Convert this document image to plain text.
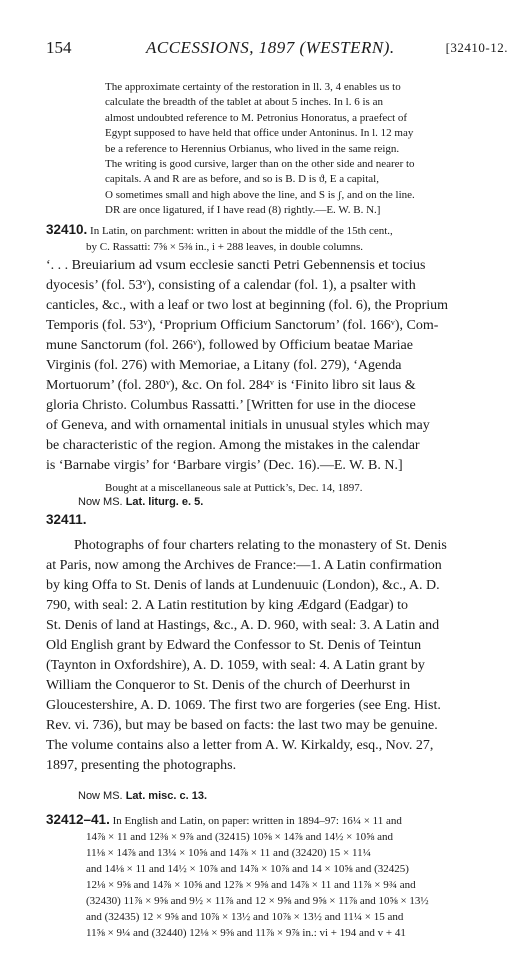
154	ACCESSIONS, 1897 (WESTERN).	[32410-12.
The approximate certainty of the restoration in ll. 3, 4 enables us to
calculate the breadth of the tablet at about 5 inches. In l. 6 is an
almost undoubted reference to M. Petronius Honoratus, a praefect of
Egypt supposed to have held that office under Antoninus. In l. 12 may
be a reference to Herennius Orbianus, who lived in the same reign.
The writing is good cursive, larger than on the other side and nearer to
capitals. A and R are as before, and so is B. D is ϑ, E a capital,
O sometimes small and high above the line, and S is ʃ, and on the line.
DR are once ligatured, if I have read (8) rightly.—E. W. B. N.]
32410. In Latin, on parchment: written in about the middle of the 15th cent.,
by C. Rassatti: 7⅝ × 5⅜ in., i + 288 leaves, in double columns.
‘. . . Breuiarium ad vsum ecclesie sancti Petri Gebennensis et tocius
dyocesis’ (fol. 53ᵛ), consisting of a calendar (fol. 1), a psalter with
canticles, &c., with a leaf or two lost at beginning (fol. 6), the Proprium
Temporis (fol. 53ᵛ), ‘Proprium Officium Sanctorum’ (fol. 166ᵛ), Com-
mune Sanctorum (fol. 266ᵛ), followed by Officium beatae Mariae
Virginis (fol. 276) with Memoriae, a Litany (fol. 279), ‘Agenda
Mortuorum’ (fol. 280ᵛ), &c. On fol. 284ᵛ is ‘Finito libro sit laus &
gloria Christo. Columbus Rassatti.’ [Written for use in the diocese
of Geneva, and with ornamental initials in unusual styles which may
be characteristic of the region. Among the mistakes in the calendar
is ‘Barnabe virgis’ for ‘Barbare virgis’ (Dec. 16).—E. W. B. N.]
Bought at a miscellaneous sale at Puttick’s, Dec. 14, 1897.
Now MS. Lat. liturg. e. 5.
32411.
Photographs of four charters relating to the monastery of St. Denis
at Paris, now among the Archives de France:—1. A Latin confirmation
by king Offa to St. Denis of lands at Lundenuuic (London), &c., A. D.
790, with seal: 2. A Latin restitution by king Ædgard (Eadgar) to
St. Denis of land at Hastings, &c., A. D. 960, with seal: 3. A Latin and
Old English grant by Edward the Confessor to St. Denis of Teintun
(Taynton in Oxfordshire), A. D. 1059, with seal: 4. A Latin grant by
William the Conqueror to St. Denis of the church of Deerhurst in
Gloucestershire, A. D. 1069. The first two are forgeries (see Eng. Hist.
Rev. vi. 736), but may be based on facts: the last two may be genuine.
The volume contains also a letter from A. W. Kirkaldy, esq., Nov. 27,
1897, presenting the photographs.
Now MS. Lat. misc. c. 13.
32412–41. In English and Latin, on paper: written in 1894–97: 16¼ × 11 and
14⅞ × 11 and 12⅜ × 9⅞ and (32415) 10⅝ × 14⅞ and 14½ × 10⅝ and
11⅛ × 14⅞ and 13¼ × 10⅝ and 14⅞ × 11 and (32420) 15 × 11¼
and 14⅛ × 11 and 14½ × 10⅞ and 14⅞ × 10⅞ and 14 × 10⅝ and (32425)
12⅛ × 9⅝ and 14⅞ × 10⅝ and 12⅞ × 9⅝ and 14⅞ × 11 and 11⅞ × 9¾ and
(32430) 11⅞ × 9⅝ and 9½ × 11⅞ and 12 × 9⅝ and 9⅝ × 11⅞ and 10⅝ × 13½
and (32435) 12 × 9⅝ and 10⅞ × 13½ and 10⅞ × 13½ and 11¼ × 15 and
11⅝ × 9¼ and (32440) 12⅛ × 9⅝ and 11⅞ × 9⅞ in.: vi + 194 and v + 41
